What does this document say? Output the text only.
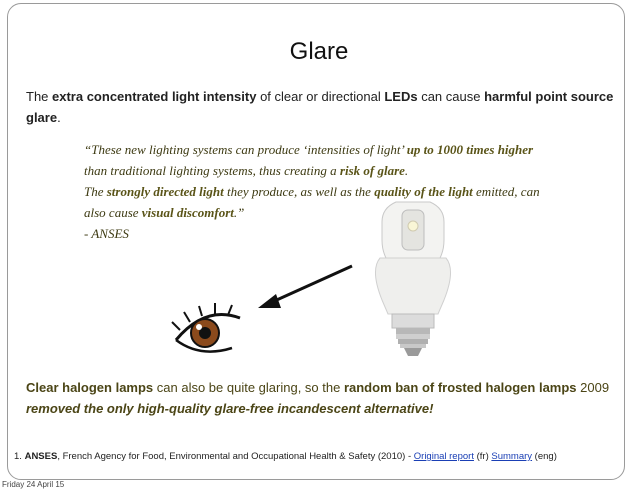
Glare
The extra concentrated light intensity of clear or directional LEDs can cause harmful point source glare.

“These new lighting systems can produce ‘intensities of light’ up to 1000 times higher than traditional lighting systems, thus creating a risk of glare.

The strongly directed light they produce, as well as the quality of the light emitted, can also cause visual discomfort.”

- ANSES

Clear halogen lamps can also be quite glaring, so the random ban of frosted halogen lamps 2009 removed the only high-quality glare-free incandescent alternative!
1. ANSES, French Agency for Food, Environmental and Occupational Health & Safety (2010) - Original report (fr) Summary (eng)
Friday 24 April 15
